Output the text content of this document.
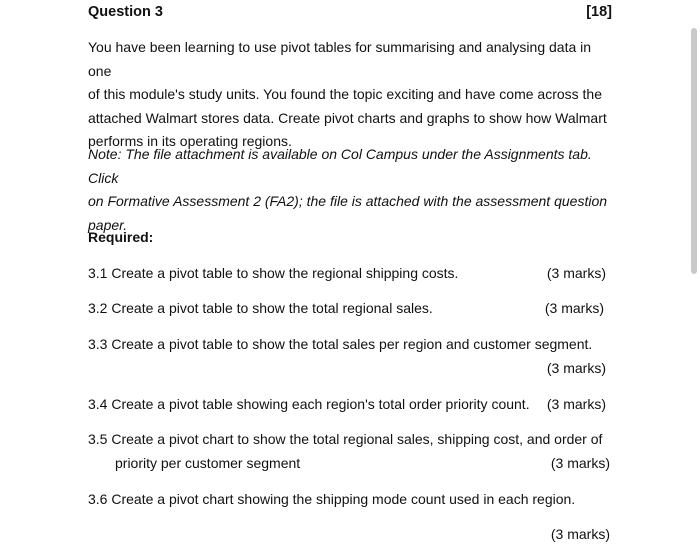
Question 3	[18]
You have been learning to use pivot tables for summarising and analysing data in one
of this module's study units. You found the topic exciting and have come across the
attached Walmart stores data. Create pivot charts and graphs to show how Walmart
performs in its operating regions.
Note: The file attachment is available on Col Campus under the Assignments tab. Click
on Formative Assessment 2 (FA2); the file is attached with the assessment question
paper.
Required:
3.1 Create a pivot table to show the regional shipping costs.	(3 marks)
3.2 Create a pivot table to show the total regional sales.	(3 marks)
3.3 Create a pivot table to show the total sales per region and customer segment.
(3 marks)
3.4 Create a pivot table showing each region's total order priority count. (3 marks)
3.5 Create a pivot chart to show the total regional sales, shipping cost, and order of
priority per customer segment	(3 marks)
3.6 Create a pivot chart showing the shipping mode count used in each region.
(3 marks)
